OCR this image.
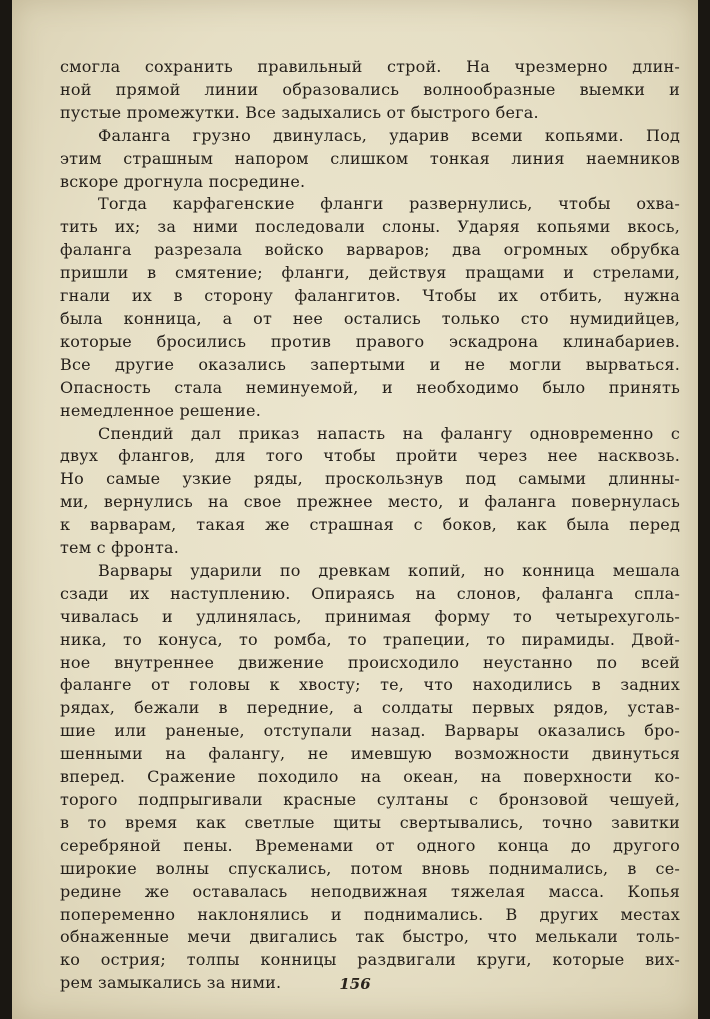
смогла сохранить правильный строй. На чрезмерно длин-
ной прямой линии образовались волнообразные выемки и
пустые промежутки. Все задыхались от быстрого бега.
Фаланга грузно двинулась, ударив всеми копьями. Под
этим страшным напором слишком тонкая линия наемников
вскоре дрогнула посредине.
Тогда карфагенские фланги развернулись, чтобы охва-
тить их; за ними последовали слоны. Ударяя копьями вкось,
фаланга разрезала войско варваров; два огромных обрубка
пришли в смятение; фланги, действуя пращами и стрелами,
гнали их в сторону фалангитов. Чтобы их отбить, нужна
была конница, а от нее остались только сто нумидийцев,
которые бросились против правого эскадрона клинабариев.
Все другие оказались запертыми и не могли вырваться.
Опасность стала неминуемой, и необходимо было принять
немедленное решение.
Спендий дал приказ напасть на фалангу одновременно с
двух флангов, для того чтобы пройти через нее насквозь.
Но самые узкие ряды, проскользнув под самыми длинны-
ми, вернулись на свое прежнее место, и фаланга повернулась
к варварам, такая же страшная с боков, как была перед
тем с фронта.
Варвары ударили по древкам копий, но конница мешала
сзади их наступлению. Опираясь на слонов, фаланга спла-
чивалась и удлинялась, принимая форму то четырехуголь-
ника, то конуса, то ромба, то трапеции, то пирамиды. Двой-
ное внутреннее движение происходило неустанно по всей
фаланге от головы к хвосту; те, что находились в задних
рядах, бежали в передние, а солдаты первых рядов, устав-
шие или раненые, отступали назад. Варвары оказались бро-
шенными на фалангу, не имевшую возможности двинуться
вперед. Сражение походило на океан, на поверхности ко-
торого подпрыгивали красные султаны с бронзовой чешуей,
в то время как светлые щиты свертывались, точно завитки
серебряной пены. Временами от одного конца до другого
широкие волны спускались, потом вновь поднимались, в се-
редине же оставалась неподвижная тяжелая масса. Копья
попеременно наклонялись и поднимались. В других местах
обнаженные мечи двигались так быстро, что мелькали толь-
ко острия; толпы конницы раздвигали круги, которые вих-
рем замыкались за ними.	156
